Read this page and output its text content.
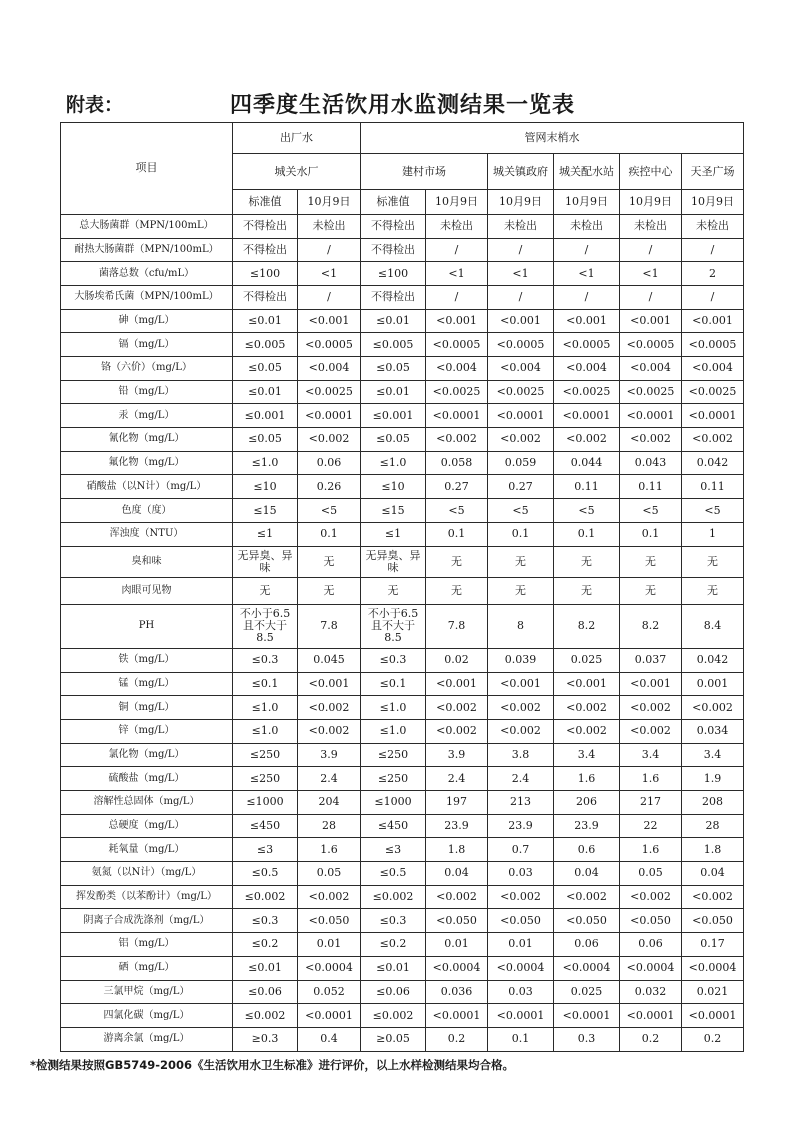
附表：	四季度生活饮用水监测结果一览表
项目	出厂水		管网末梢水					
	城关水厂		建村市场		城关镇政府	城关配水站	疾控中心	天圣广场
	标准值	10月9日	标准值	10月9日	10月9日	10月9日	10月9日	10月9日
总大肠菌群（MPN/100mL）	不得检出	未检出	不得检出	未检出	未检出	未检出	未检出	未检出
耐热大肠菌群（MPN/100mL）	不得检出	/	不得检出	/	/	/	/	/
菌落总数（cfu/mL）	≤100	<1	≤100	<1	<1	<1	<1	2
大肠埃希氏菌（MPN/100mL）	不得检出	/	不得检出	/	/	/	/	/
砷（mg/L）	≤0.01	<0.001	≤0.01	<0.001	<0.001	<0.001	<0.001	<0.001
镉（mg/L）	≤0.005	<0.0005	≤0.005	<0.0005	<0.0005	<0.0005	<0.0005	<0.0005
铬（六价）（mg/L）	≤0.05	<0.004	≤0.05	<0.004	<0.004	<0.004	<0.004	<0.004
铅（mg/L）	≤0.01	<0.0025	≤0.01	<0.0025	<0.0025	<0.0025	<0.0025	<0.0025
汞（mg/L）	≤0.001	<0.0001	≤0.001	<0.0001	<0.0001	<0.0001	<0.0001	<0.0001
氰化物（mg/L）	≤0.05	<0.002	≤0.05	<0.002	<0.002	<0.002	<0.002	<0.002
氟化物（mg/L）	≤1.0	0.06	≤1.0	0.058	0.059	0.044	0.043	0.042
硝酸盐（以N计）（mg/L）	≤10	0.26	≤10	0.27	0.27	0.11	0.11	0.11
色度（度）	≤15	<5	≤15	<5	<5	<5	<5	<5
浑浊度（NTU）	≤1	0.1	≤1	0.1	0.1	0.1	0.1	1
臭和味	无异臭、异味	无	无异臭、异味	无	无	无	无	无
肉眼可见物	无	无	无	无	无	无	无	无
PH	不小于6.5且不大于8.5	7.8	不小于6.5且不大于8.5	7.8	8	8.2	8.2	8.4
铁（mg/L）	≤0.3	0.045	≤0.3	0.02	0.039	0.025	0.037	0.042
锰（mg/L）	≤0.1	<0.001	≤0.1	<0.001	<0.001	<0.001	<0.001	0.001
铜（mg/L）	≤1.0	<0.002	≤1.0	<0.002	<0.002	<0.002	<0.002	<0.002
锌（mg/L）	≤1.0	<0.002	≤1.0	<0.002	<0.002	<0.002	<0.002	0.034
氯化物（mg/L）	≤250	3.9	≤250	3.9	3.8	3.4	3.4	3.4
硫酸盐（mg/L）	≤250	2.4	≤250	2.4	2.4	1.6	1.6	1.9
溶解性总固体（mg/L）	≤1000	204	≤1000	197	213	206	217	208
总硬度（mg/L）	≤450	28	≤450	23.9	23.9	23.9	22	28
耗氧量（mg/L）	≤3	1.6	≤3	1.8	0.7	0.6	1.6	1.8
氨氮（以N计）（mg/L）	≤0.5	0.05	≤0.5	0.04	0.03	0.04	0.05	0.04
挥发酚类（以苯酚计）（mg/L）	≤0.002	<0.002	≤0.002	<0.002	<0.002	<0.002	<0.002	<0.002
阴离子合成洗涤剂（mg/L）	≤0.3	<0.050	≤0.3	<0.050	<0.050	<0.050	<0.050	<0.050
铝（mg/L）	≤0.2	0.01	≤0.2	0.01	0.01	0.06	0.06	0.17
硒（mg/L）	≤0.01	<0.0004	≤0.01	<0.0004	<0.0004	<0.0004	<0.0004	<0.0004
三氯甲烷（mg/L）	≤0.06	0.052	≤0.06	0.036	0.03	0.025	0.032	0.021
四氯化碳（mg/L）	≤0.002	<0.0001	≤0.002	<0.0001	<0.0001	<0.0001	<0.0001	<0.0001
游离余氯（mg/L）	≥0.3	0.4	≥0.05	0.2	0.1	0.3	0.2	0.2
*检测结果按照GB5749-2006《生活饮用水卫生标准》进行评价，以上水样检测结果均合格。
